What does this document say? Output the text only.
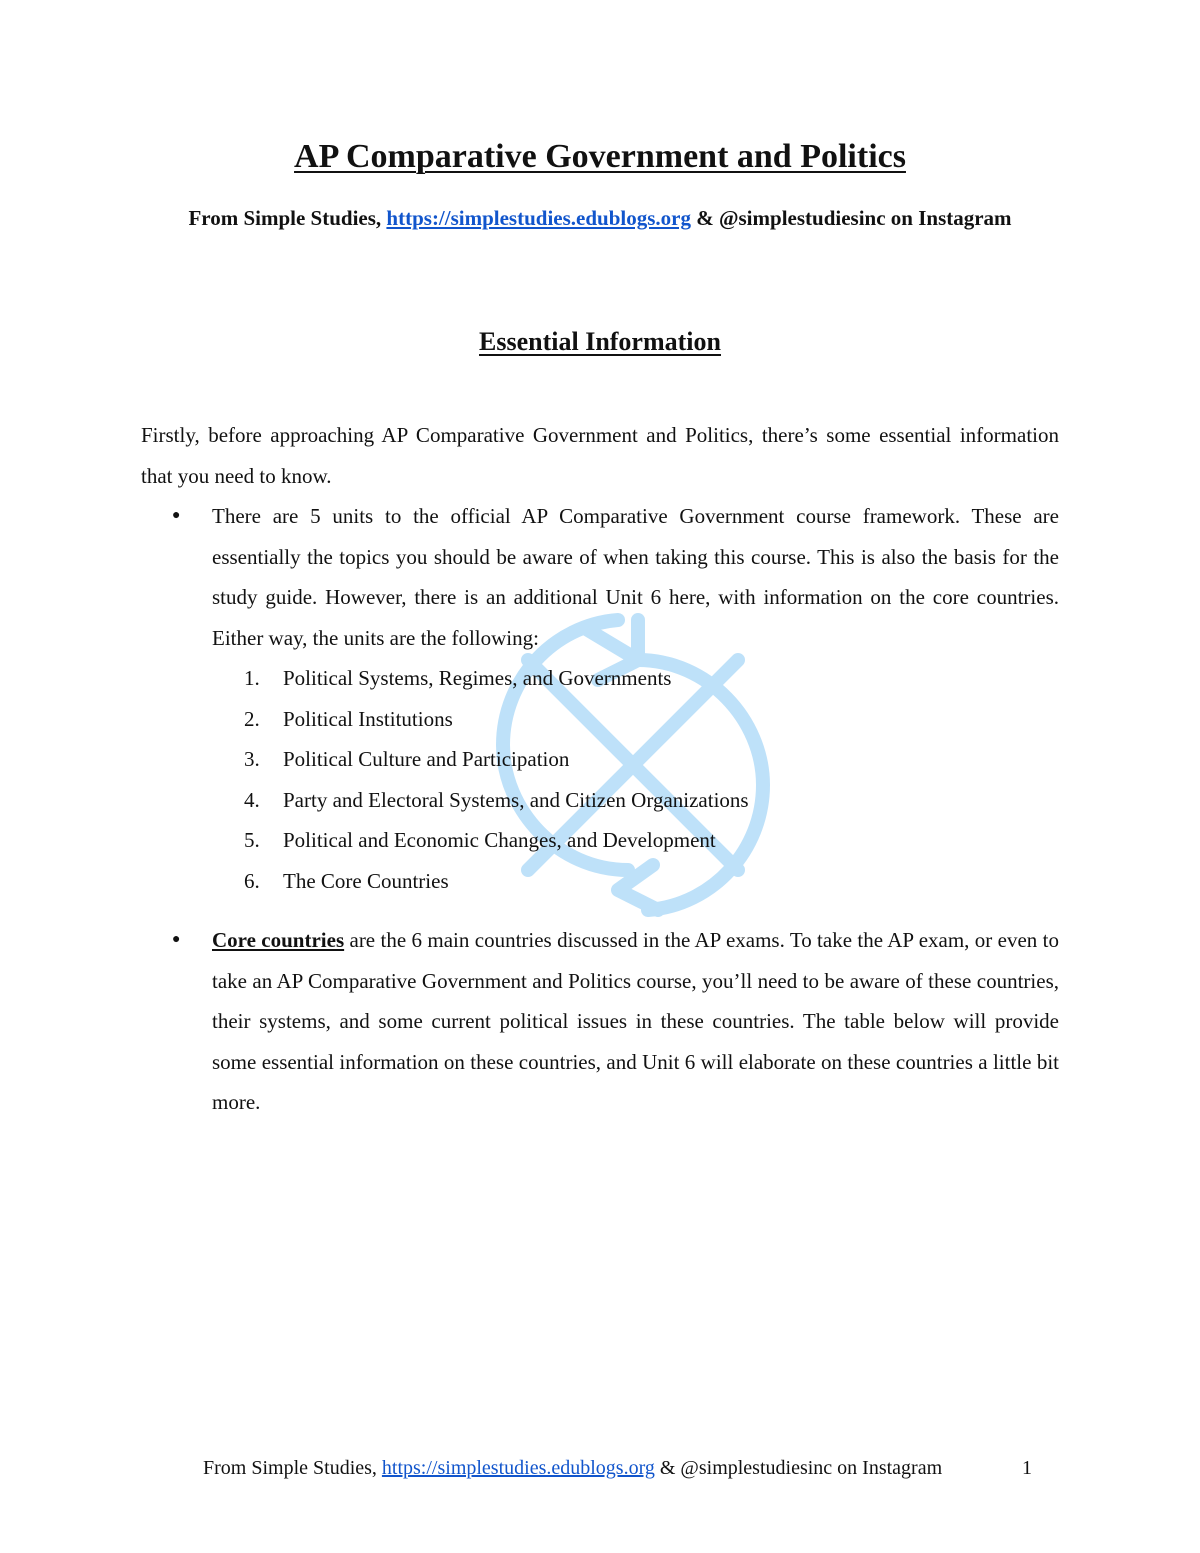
AP Comparative Government and Politics

From Simple Studies, https://simplestudies.edublogs.org & @simplestudiesinc on Instagram

Essential Information

Firstly, before approaching AP Comparative Government and Politics, there’s some essential information that you need to know.

● There are 5 units to the official AP Comparative Government course framework. These are essentially the topics you should be aware of when taking this course. This is also the basis for the study guide. However, there is an additional Unit 6 here, with information on the core countries. Either way, the units are the following:
1. Political Systems, Regimes, and Governments
2. Political Institutions
3. Political Culture and Participation
4. Party and Electoral Systems, and Citizen Organizations
5. Political and Economic Changes, and Development
6. The Core Countries
● Core countries are the 6 main countries discussed in the AP exams. To take the AP exam, or even to take an AP Comparative Government and Politics course, you’ll need to be aware of these countries, their systems, and some current political issues in these countries. The table below will provide some essential information on these countries, and Unit 6 will elaborate on these countries a little bit more.
From Simple Studies, https://simplestudies.edublogs.org & @simplestudiesinc on Instagram	1
